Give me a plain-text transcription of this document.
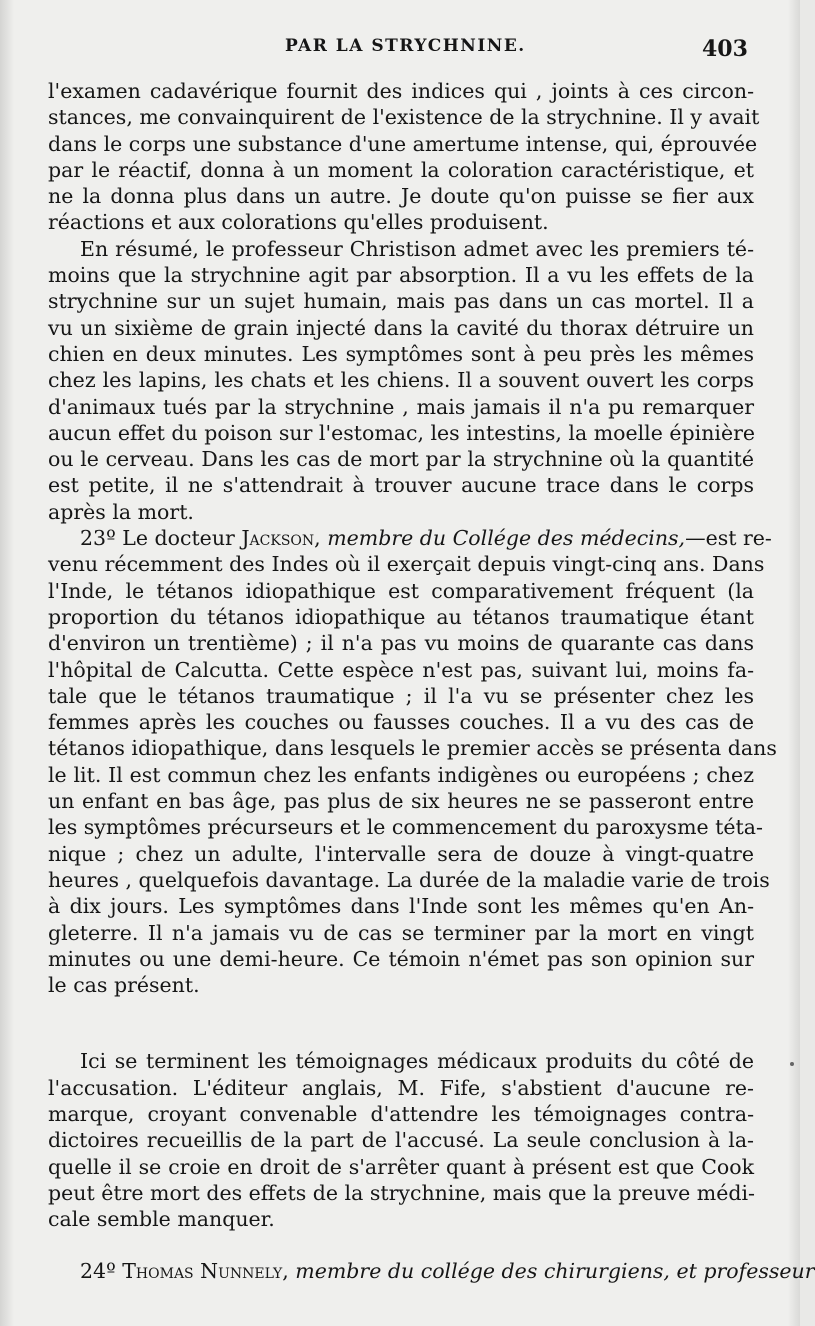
PAR LA STRYCHNINE.	403
l'examen cadavérique fournit des indices qui , joints à ces circon-
stances, me convainquirent de l'existence de la strychnine. Il y avait
dans le corps une substance d'une amertume intense, qui, éprouvée
par le réactif, donna à un moment la coloration caractéristique, et
ne la donna plus dans un autre. Je doute qu'on puisse se fier aux
réactions et aux colorations qu'elles produisent.
En résumé, le professeur Christison admet avec les premiers té-
moins que la strychnine agit par absorption. Il a vu les effets de la
strychnine sur un sujet humain, mais pas dans un cas mortel. Il a
vu un sixième de grain injecté dans la cavité du thorax détruire un
chien en deux minutes. Les symptômes sont à peu près les mêmes
chez les lapins, les chats et les chiens. Il a souvent ouvert les corps
d'animaux tués par la strychnine , mais jamais il n'a pu remarquer
aucun effet du poison sur l'estomac, les intestins, la moelle épinière
ou le cerveau. Dans les cas de mort par la strychnine où la quantité
est petite, il ne s'attendrait à trouver aucune trace dans le corps
après la mort.
23º Le docteur Jackson, membre du Collége des médecins,—est re-
venu récemment des Indes où il exerçait depuis vingt-cinq ans. Dans
l'Inde, le tétanos idiopathique est comparativement fréquent (la
proportion du tétanos idiopathique au tétanos traumatique étant
d'environ un trentième) ; il n'a pas vu moins de quarante cas dans
l'hôpital de Calcutta. Cette espèce n'est pas, suivant lui, moins fa-
tale que le tétanos traumatique ; il l'a vu se présenter chez les
femmes après les couches ou fausses couches. Il a vu des cas de
tétanos idiopathique, dans lesquels le premier accès se présenta dans
le lit. Il est commun chez les enfants indigènes ou européens ; chez
un enfant en bas âge, pas plus de six heures ne se passeront entre
les symptômes précurseurs et le commencement du paroxysme téta-
nique ; chez un adulte, l'intervalle sera de douze à vingt-quatre
heures , quelquefois davantage. La durée de la maladie varie de trois
à dix jours. Les symptômes dans l'Inde sont les mêmes qu'en An-
gleterre. Il n'a jamais vu de cas se terminer par la mort en vingt
minutes ou une demi-heure. Ce témoin n'émet pas son opinion sur
le cas présent.
Ici se terminent les témoignages médicaux produits du côté de
l'accusation. L'éditeur anglais, M. Fife, s'abstient d'aucune re-
marque, croyant convenable d'attendre les témoignages contra-
dictoires recueillis de la part de l'accusé. La seule conclusion à la-
quelle il se croie en droit de s'arrêter quant à présent est que Cook
peut être mort des effets de la strychnine, mais que la preuve médi-
cale semble manquer.
24º Thomas Nunnely, membre du collége des chirurgiens, et professeur
